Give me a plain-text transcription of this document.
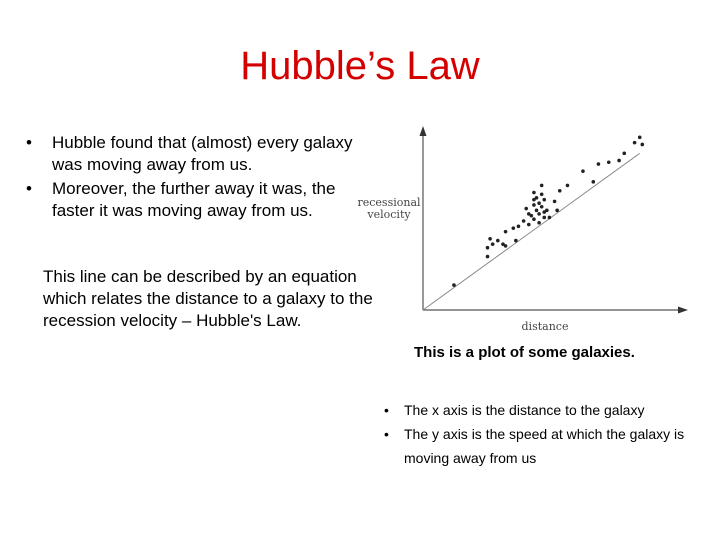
Hubble’s Law
• Hubble found that (almost) every galaxy was moving away from us.
• Moreover, the further away it was, the faster it was moving away from us.
This line can be described by an equation which relates the distance to a galaxy to the recession velocity – Hubble's Law.
recessional velocity
distance
This is a plot of some galaxies.
• The x axis is the distance to the galaxy
• The y axis is the speed at which the galaxy is moving away from us
